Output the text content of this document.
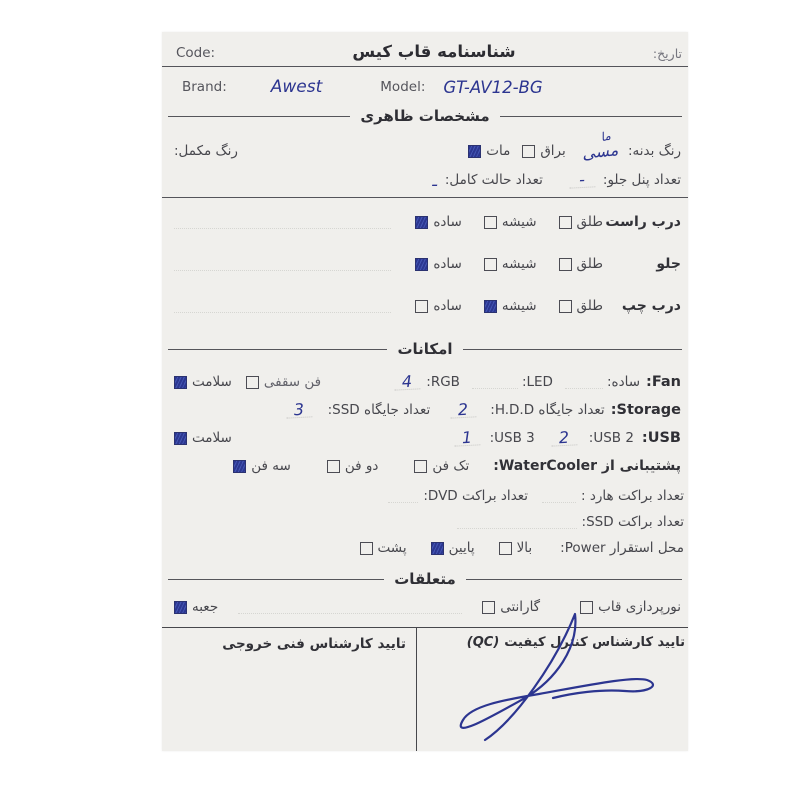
تاریخ:
شناسنامه قاب کیس
Code:
Brand:	Awest	Model: GT-AV12-BG
مشخصات ظاهری
رنگ بدنه:
مسی
ما
براق
مات
رنگ مکمل:
تعداد پنل جلو:
-
تعداد حالت کامل:
ـ
درب راست
طلق
شیشه
ساده
جلو
طلق
شیشه
ساده
درب چپ
طلق
شیشه
ساده
امکانات
Fan:
ساده:
LED:
RGB:
4
فن سقفی
سلامت
Storage:
تعداد جایگاه H.D.D:
2
تعداد جایگاه SSD:
3
USB:
USB 2:
2
USB 3:
1
سلامت
پشتیبانی از WaterCooler:
تک فن
دو فن
سه فن
تعداد براکت هارد :
تعداد براکت DVD:
تعداد براکت SSD:
محل استقرار Power:
بالا
پایین
پشت
متعلقات
نورپردازی قاب
گارانتی
جعبه
تایید کارشناس کنترل کیفیت
(QC)
تایید کارشناس فنی خروجی
